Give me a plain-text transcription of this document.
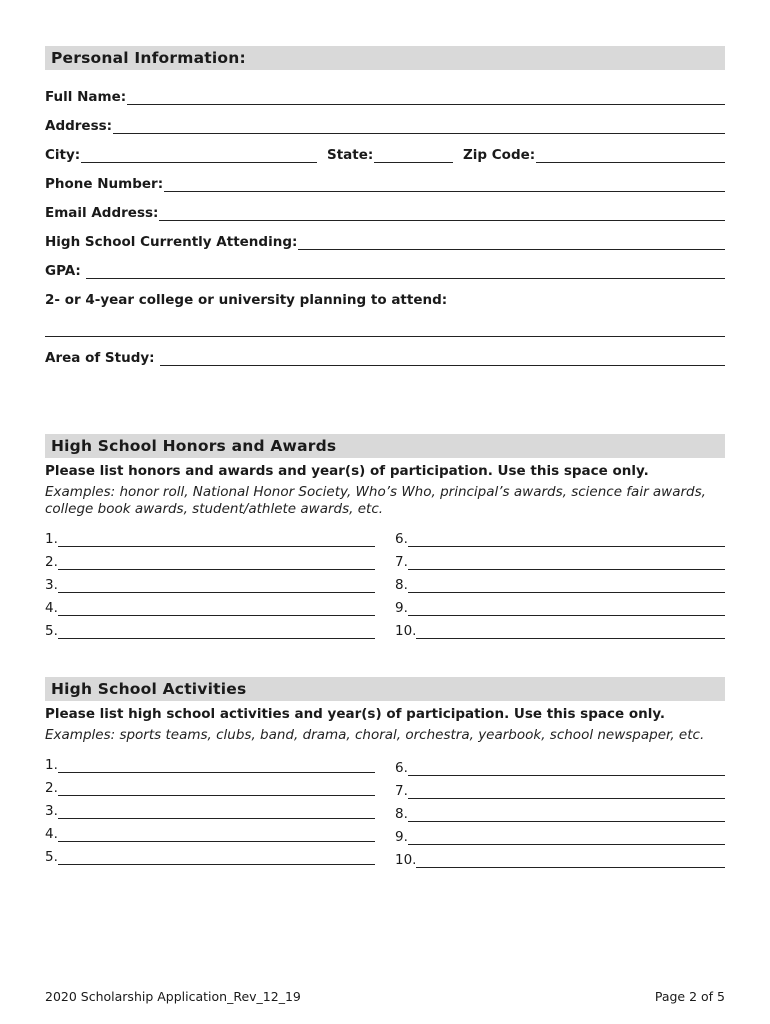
Personal Information:
Full Name:
Address:
City:	State:	Zip Code:
Phone Number:
Email Address:
High School Currently Attending:
GPA:
2- or 4-year college or university planning to attend:
Area of Study:
High School Honors and Awards
Please list honors and awards and year(s) of participation. Use this space only.
Examples: honor roll, National Honor Society, Who’s Who, principal’s awards, science fair awards, college book awards, student/athlete awards, etc.
1.
2.
3.
4.
5.
6.
7.
8.
9.
10.
High School Activities
Please list high school activities and year(s) of participation. Use this space only.
Examples: sports teams, clubs, band, drama, choral, orchestra, yearbook, school newspaper, etc.
1.
2.
3.
4.
5.
6.
7.
8.
9.
10.
2020 Scholarship Application_Rev_12_19	Page 2 of 5
